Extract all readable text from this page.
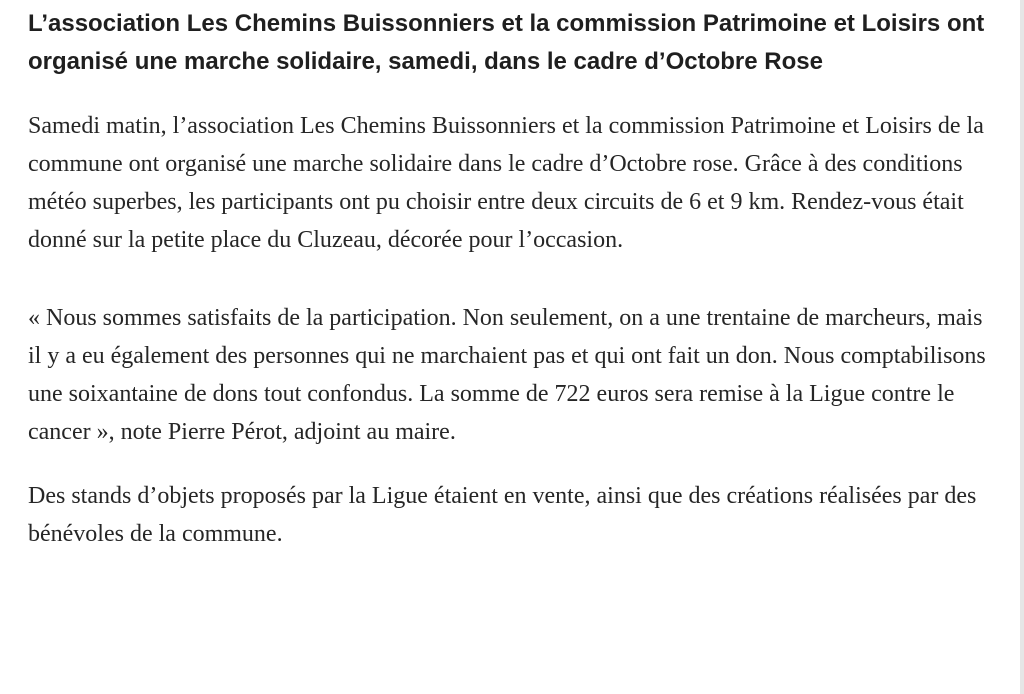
L’association Les Chemins Buissonniers et la commission Patrimoine et Loisirs ont organisé une marche solidaire, samedi, dans le cadre d’Octobre Rose

Samedi matin, l’association Les Chemins Buissonniers et la commission Patrimoine et Loisirs de la commune ont organisé une marche solidaire dans le cadre d’Octobre rose. Grâce à des conditions météo superbes, les participants ont pu choisir entre deux circuits de 6 et 9 km. Rendez-vous était donné sur la petite place du Cluzeau, décorée pour l’occasion.

« Nous sommes satisfaits de la participation. Non seulement, on a une trentaine de marcheurs, mais il y a eu également des personnes qui ne marchaient pas et qui ont fait un don. Nous comptabilisons une soixantaine de dons tout confondus. La somme de 722 euros sera remise à la Ligue contre le cancer », note Pierre Pérot, adjoint au maire.

Des stands d’objets proposés par la Ligue étaient en vente, ainsi que des créations réalisées par des bénévoles de la commune.
